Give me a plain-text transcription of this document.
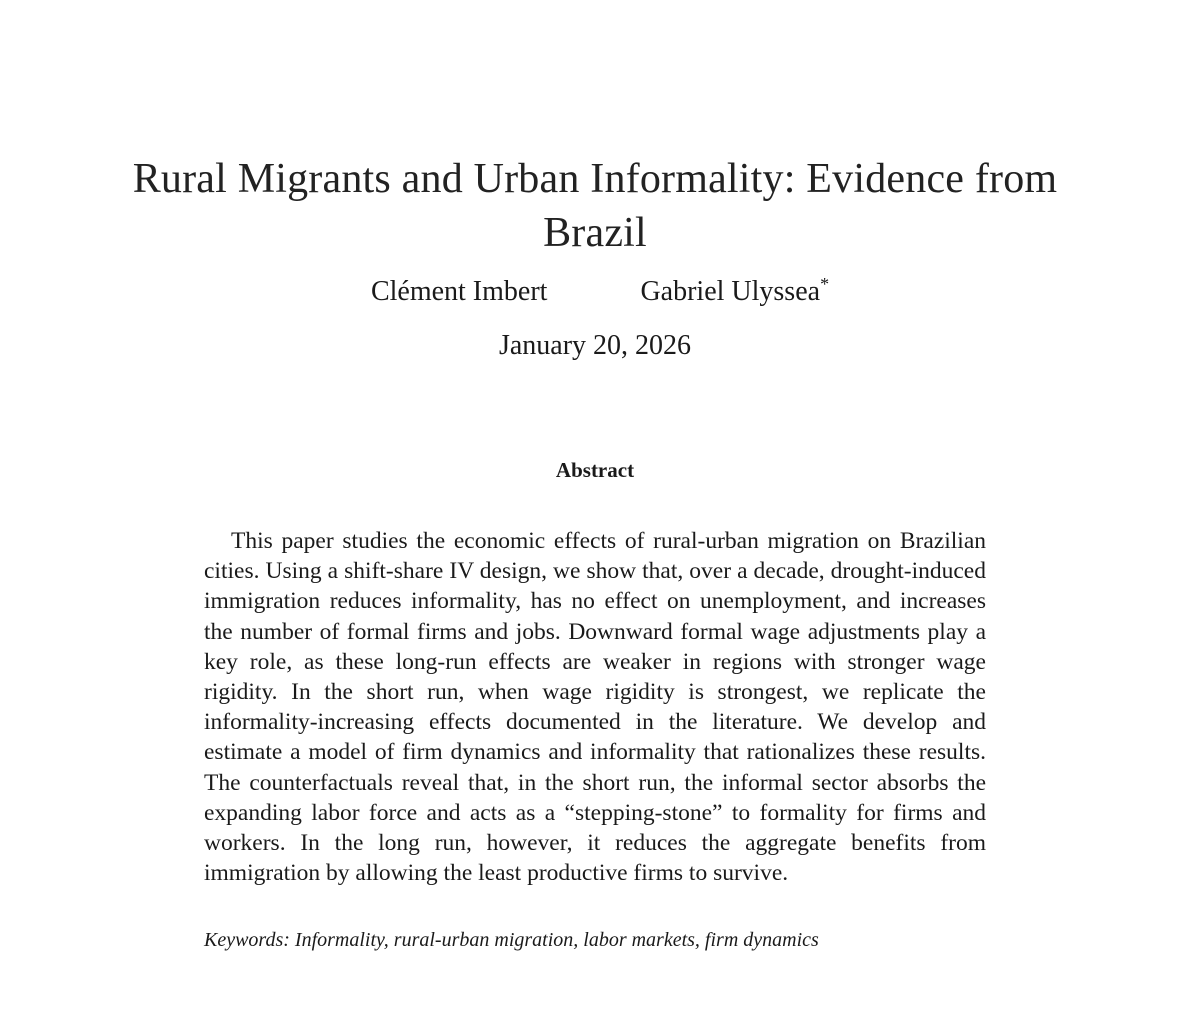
Rural Migrants and Urban Informality: Evidence from Brazil
Clément Imbert	Gabriel Ulyssea*
January 20, 2026
Abstract

This paper studies the economic effects of rural-urban migration on Brazilian cities. Using a shift-share IV design, we show that, over a decade, drought-induced immigration reduces informality, has no effect on unemployment, and increases the number of formal firms and jobs. Downward formal wage adjustments play a key role, as these long-run effects are weaker in regions with stronger wage rigidity. In the short run, when wage rigidity is strongest, we replicate the informality-increasing effects documented in the literature. We develop and estimate a model of firm dynamics and informality that rationalizes these results. The counterfactuals reveal that, in the short run, the informal sector absorbs the expanding labor force and acts as a “stepping-stone” to formality for firms and workers. In the long run, however, it reduces the aggregate benefits from immigration by allowing the least productive firms to survive.

Keywords: Informality, rural-urban migration, labor markets, firm dynamics
